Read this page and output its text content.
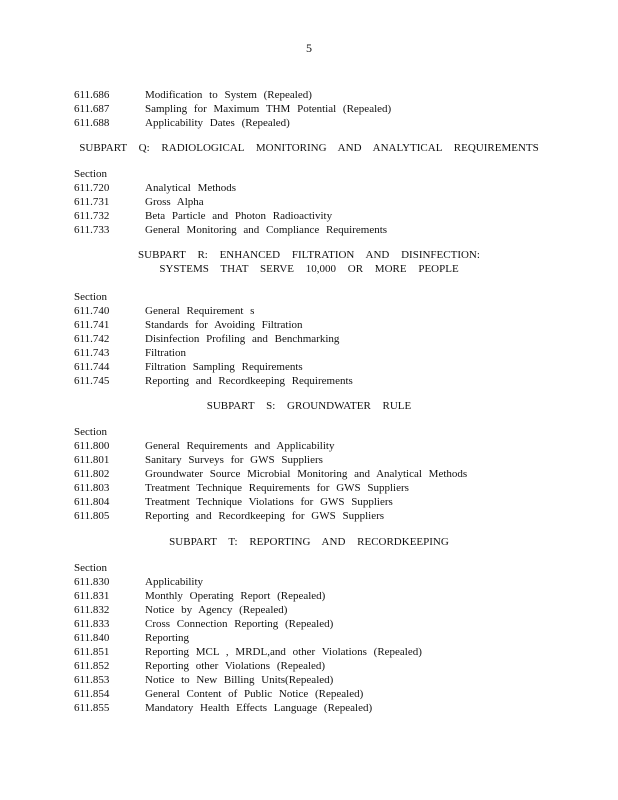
5
611.686	Modification to System (Repealed)
611.687	Sampling for Maximum THM Potential (Repealed)
611.688	Applicability Dates (Repealed)
SUBPART Q: RADIOLOGICAL MONITORING AND ANALYTICAL REQUIREMENTS
Section
611.720	Analytical Methods
611.731	Gross Alpha
611.732	Beta Particle and Photon Radioactivity
611.733	General Monitoring and Compliance Requirements
SUBPART R: ENHANCED FILTRATION AND DISINFECTION:
SYSTEMS THAT SERVE 10,000 OR MORE PEOPLE
Section
611.740	General Requirement s
611.741	Standards for Avoiding Filtration
611.742	Disinfection Profiling and Benchmarking
611.743	Filtration
611.744	Filtration Sampling Requirements
611.745	Reporting and Recordkeeping Requirements
SUBPART S: GROUNDWATER RULE
Section
611.800	General Requirements and Applicability
611.801	Sanitary Surveys for GWS Suppliers
611.802	Groundwater Source Microbial Monitoring and Analytical Methods
611.803	Treatment Technique Requirements for GWS Suppliers
611.804	Treatment Technique Violations for GWS Suppliers
611.805	Reporting and Recordkeeping for GWS Suppliers
SUBPART T: REPORTING AND RECORDKEEPING
Section
611.830	Applicability
611.831	Monthly Operating Report (Repealed)
611.832	Notice by Agency (Repealed)
611.833	Cross Connection Reporting (Repealed)
611.840	Reporting
611.851	Reporting MCL , MRDL,and other Violations (Repealed)
611.852	Reporting other Violations (Repealed)
611.853	Notice to New Billing Units(Repealed)
611.854	General Content of Public Notice (Repealed)
611.855	Mandatory Health Effects Language (Repealed)
